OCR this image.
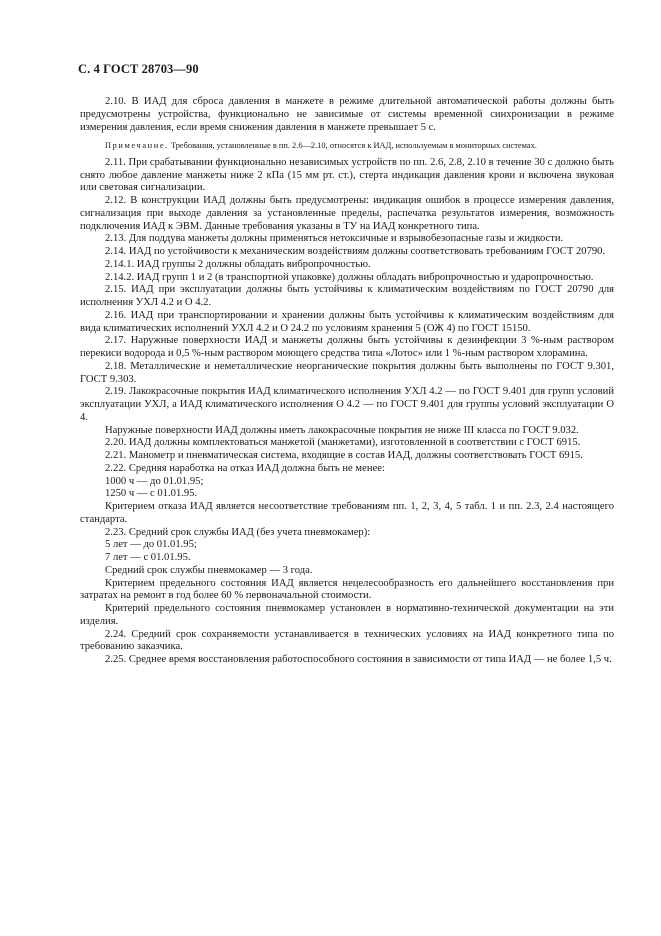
С. 4 ГОСТ 28703—90

2.10. В ИАД для сброса давления в манжете в режиме длительной автоматической работы должны быть предусмотрены устройства, функционально не зависимые от системы временной синхронизации в режиме измерения давления, если время снижения давления в манжете превышает 5 с.

Примечание. Требования, установленные в пп. 2.6—2.10, относятся к ИАД, используемым в мониторных системах.

2.11. При срабатывании функционально независимых устройств по пп. 2.6, 2.8, 2.10 в течение 30 с должно быть снято любое давление манжеты ниже 2 кПа (15 мм рт. ст.), стерта индикация давления крови и включена звуковая или световая сигнализации.

2.12. В конструкции ИАД должны быть предусмотрены: индикация ошибок в процессе измерения давления, сигнализация при выходе давления за установленные пределы, распечатка результатов измерения, возможность подключения ИАД к ЭВМ. Данные требования указаны в ТУ на ИАД конкретного типа.

2.13. Для поддува манжеты должны применяться нетоксичные и взрывобезопасные газы и жидкости.

2.14. ИАД по устойчивости к механическим воздействиям должны соответствовать требованиям ГОСТ 20790.

2.14.1. ИАД группы 2 должны обладать вибропрочностью.

2.14.2. ИАД групп 1 и 2 (в транспортной упаковке) должны обладать вибропрочностью и ударопрочностью.

2.15. ИАД при эксплуатации должны быть устойчивы к климатическим воздействиям по ГОСТ 20790 для исполнения УХЛ 4.2 и О 4.2.

2.16. ИАД при транспортировании и хранении должны быть устойчивы к климатическим воздействиям для вида климатических исполнений УХЛ 4.2 и О 24.2 по условиям хранения 5 (ОЖ 4) по ГОСТ 15150.

2.17. Наружные поверхности ИАД и манжеты должны быть устойчивы к дезинфекции 3 %-ным раствором перекиси водорода и 0,5 %-ным раствором моющего средства типа «Лотос» или 1 %-ным раствором хлорамина.

2.18. Металлические и неметаллические неорганические покрытия должны быть выполнены по ГОСТ 9.301, ГОСТ 9.303.

2.19. Лакокрасочные покрытия ИАД климатического исполнения УХЛ 4.2 — по ГОСТ 9.401 для групп условий эксплуатации УХЛ, а ИАД климатического исполнения О 4.2 — по ГОСТ 9.401 для группы условий эксплуатации О 4.

Наружные поверхности ИАД должны иметь лакокрасочные покрытия не ниже III класса по ГОСТ 9.032.

2.20. ИАД должны комплектоваться манжетой (манжетами), изготовленной в соответствии с ГОСТ 6915.

2.21. Манометр и пневматическая система, входящие в состав ИАД, должны соответствовать ГОСТ 6915.

2.22. Средняя наработка на отказ ИАД должна быть не менее:

1000 ч — до 01.01.95;

1250 ч — с 01.01.95.

Критерием отказа ИАД является несоответствие требованиям пп. 1, 2, 3, 4, 5 табл. 1 и пп. 2.3, 2.4 настоящего стандарта.

2.23. Средний срок службы ИАД (без учета пневмокамер):

5 лет — до 01.01.95;

7 лет — с 01.01.95.

Средний срок службы пневмокамер — 3 года.

Критерием предельного состояния ИАД является нецелесообразность его дальнейшего восстановления при затратах на ремонт в год более 60 % первоначальной стоимости.

Критерий предельного состояния пневмокамер установлен в нормативно-технической документации на эти изделия.

2.24. Средний срок сохраняемости устанавливается в технических условиях на ИАД конкретного типа по требованию заказчика.

2.25. Среднее время восстановления работоспособного состояния в зависимости от типа ИАД — не более 1,5 ч.
